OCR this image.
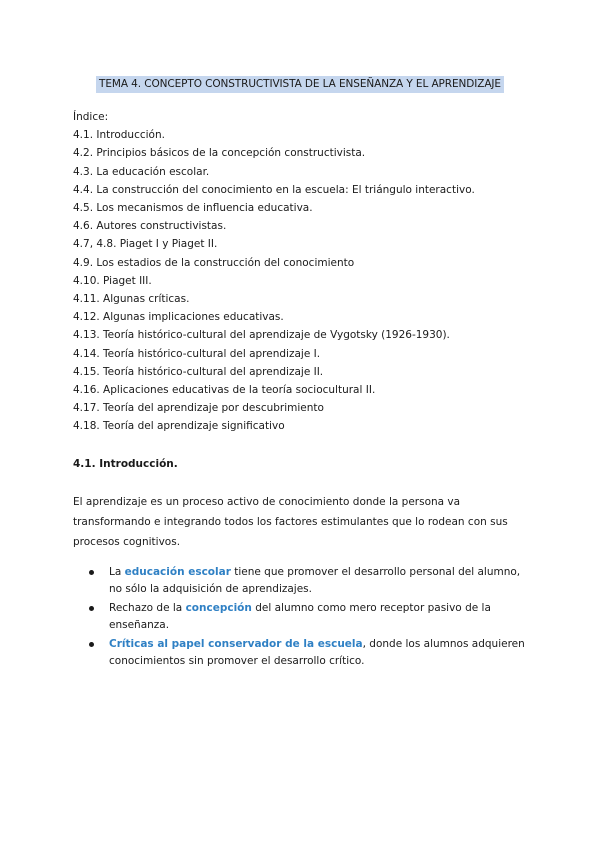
TEMA 4. CONCEPTO CONSTRUCTIVISTA DE LA ENSEÑANZA Y EL APRENDIZAJE
Índice:
4.1. Introducción.
4.2. Principios básicos de la concepción constructivista.
4.3. La educación escolar.
4.4. La construcción del conocimiento en la escuela: El triángulo interactivo.
4.5. Los mecanismos de influencia educativa.
4.6. Autores constructivistas.
4.7, 4.8. Piaget I y Piaget II.
4.9. Los estadios de la construcción del conocimiento
4.10. Piaget III.
4.11. Algunas críticas.
4.12. Algunas implicaciones educativas.
4.13. Teoría histórico-cultural del aprendizaje de Vygotsky (1926-1930).
4.14. Teoría histórico-cultural del aprendizaje I.
4.15. Teoría histórico-cultural del aprendizaje II.
4.16. Aplicaciones educativas de la teoría sociocultural II.
4.17. Teoría del aprendizaje por descubrimiento
4.18. Teoría del aprendizaje significativo
4.1. Introducción.
El aprendizaje es un proceso activo de conocimiento donde la persona va transformando e integrando todos los factores estimulantes que lo rodean con sus procesos cognitivos.
La educación escolar tiene que promover el desarrollo personal del alumno, no sólo la adquisición de aprendizajes.
Rechazo de la concepción del alumno como mero receptor pasivo de la enseñanza.
Críticas al papel conservador de la escuela, donde los alumnos adquieren conocimientos sin promover el desarrollo crítico.
